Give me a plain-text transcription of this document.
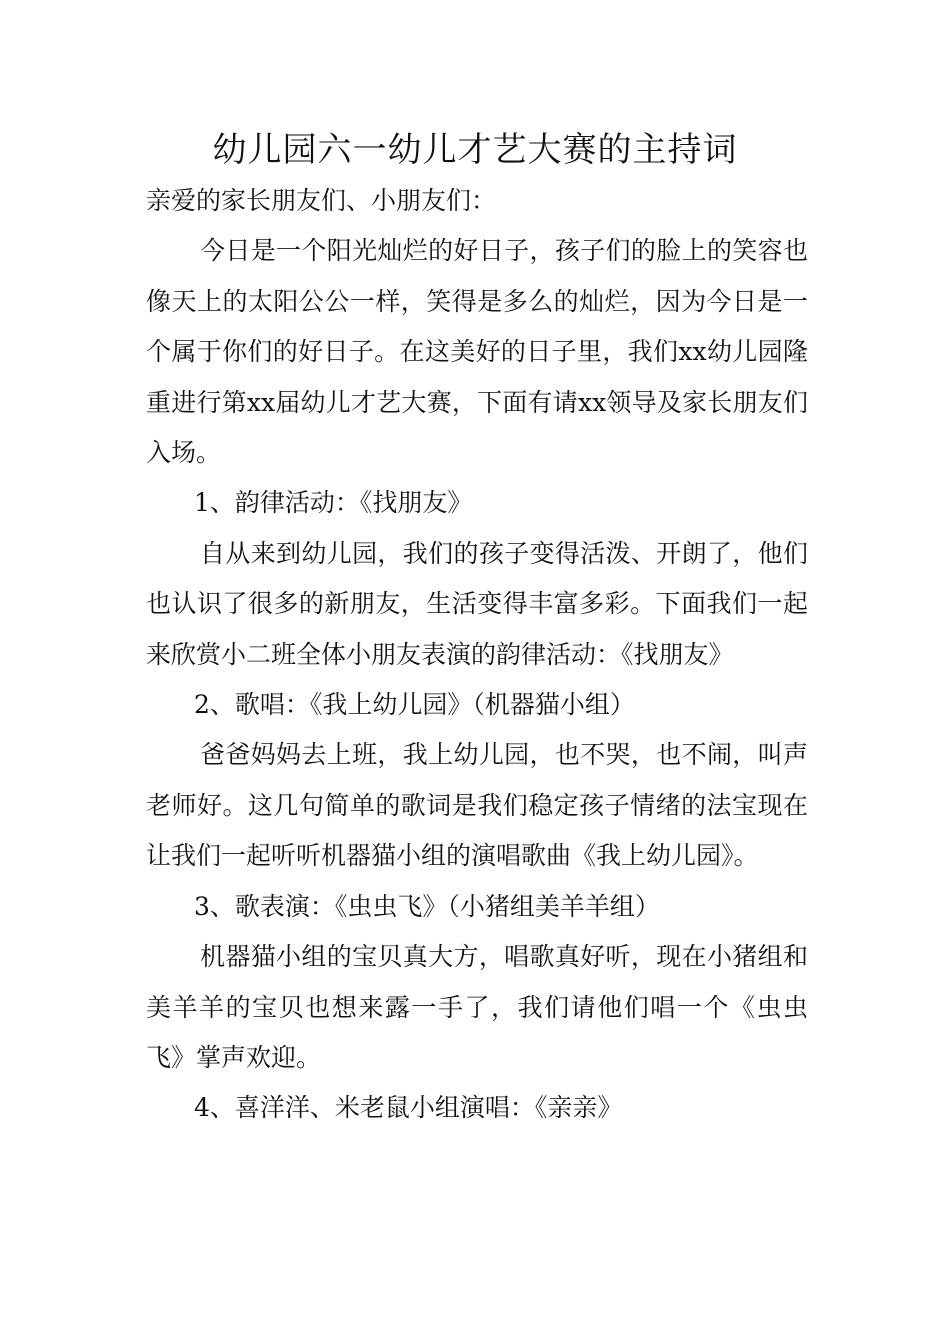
幼儿园六一幼儿才艺大赛的主持词

亲爱的家长朋友们、小朋友们：

今日是一个阳光灿烂的好日子，孩子们的脸上的笑容也像天上的太阳公公一样，笑得是多么的灿烂，因为今日是一个属于你们的好日子。在这美好的日子里，我们xx幼儿园隆重进行第xx届幼儿才艺大赛，下面有请xx领导及家长朋友们入场。

1、韵律活动：《找朋友》

自从来到幼儿园，我们的孩子变得活泼、开朗了，他们也认识了很多的新朋友，生活变得丰富多彩。下面我们一起来欣赏小二班全体小朋友表演的韵律活动：《找朋友》

2、歌唱：《我上幼儿园》（机器猫小组）

爸爸妈妈去上班，我上幼儿园，也不哭，也不闹，叫声老师好。这几句简单的歌词是我们稳定孩子情绪的法宝现在让我们一起听听机器猫小组的演唱歌曲《我上幼儿园》。

3、歌表演：《虫虫飞》（小猪组美羊羊组）

机器猫小组的宝贝真大方，唱歌真好听，现在小猪组和美羊羊的宝贝也想来露一手了，我们请他们唱一个《虫虫飞》掌声欢迎。

4、喜洋洋、米老鼠小组演唱：《亲亲》
